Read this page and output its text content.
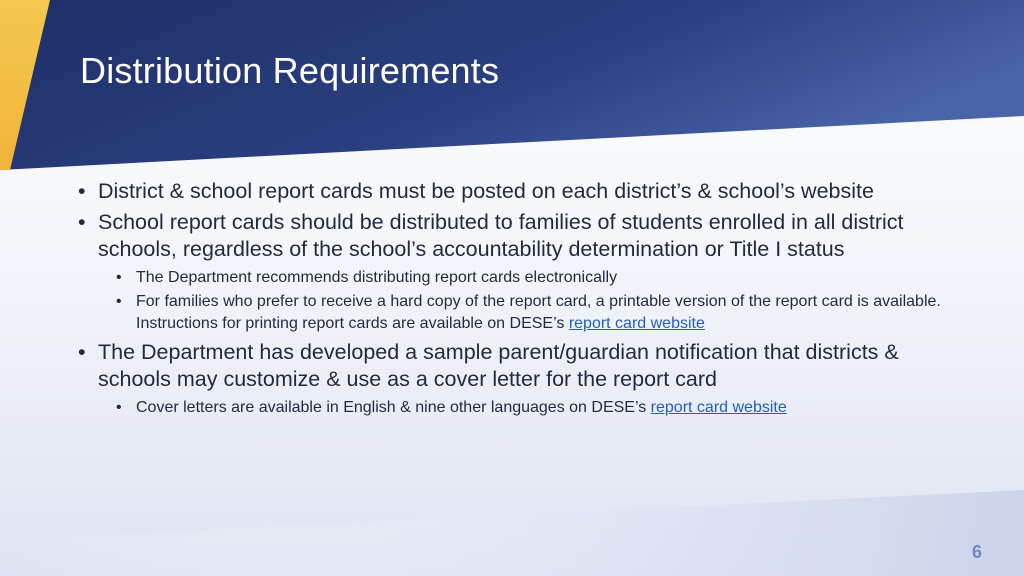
Distribution Requirements
• District & school report cards must be posted on each district’s & school’s website
• School report cards should be distributed to families of students enrolled in all district schools, regardless of the school’s accountability determination or Title I status
• The Department recommends distributing report cards electronically
• For families who prefer to receive a hard copy of the report card, a printable version of the report card is available. Instructions for printing report cards are available on DESE’s report card website
• The Department has developed a sample parent/guardian notification that districts & schools may customize & use as a cover letter for the report card
• Cover letters are available in English & nine other languages on DESE’s report card website
6
